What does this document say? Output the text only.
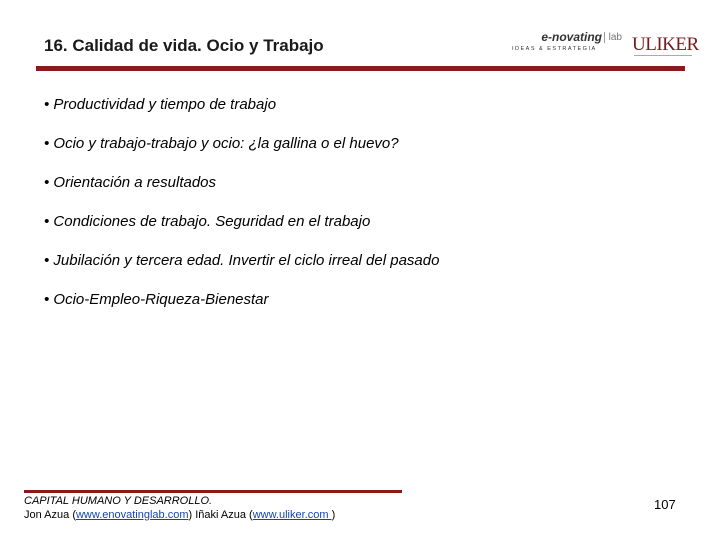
16. Calidad de vida. Ocio y Trabajo	e-novating lab
IDEAS & ESTRATEGIA ULIKER
• Productividad y tiempo de trabajo
• Ocio y trabajo-trabajo y ocio: ¿la gallina o el huevo?
• Orientación a resultados
• Condiciones de trabajo. Seguridad en el trabajo
• Jubilación y tercera edad. Invertir el ciclo irreal del pasado
• Ocio-Empleo-Riqueza-Bienestar
CAPITAL HUMANO Y DESARROLLO.
Jon Azua (www.enovatinglab.com) Iñaki Azua (www.uliker.com )
107
